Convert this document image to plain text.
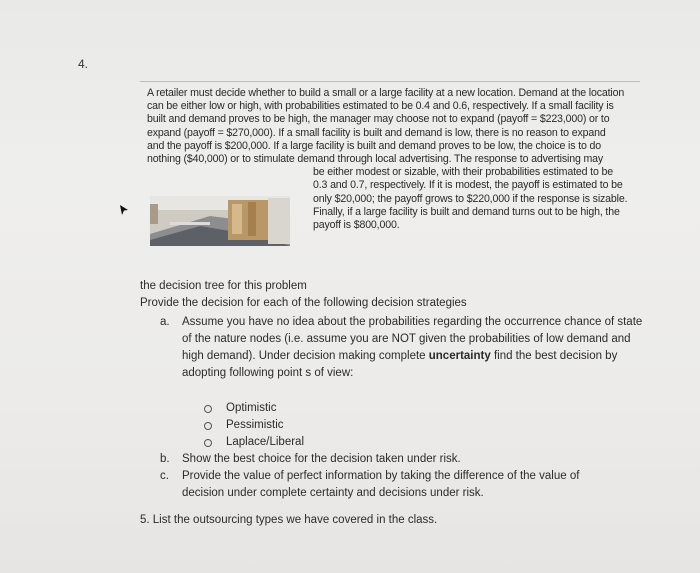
4.

A retailer must decide whether to build a small or a large facility at a new location. Demand at the location

can be either low or high, with probabilities estimated to be 0.4 and 0.6, respectively. If a small facility is

built and demand proves to be high, the manager may choose not to expand (payoff = $223,000) or to

expand (payoff = $270,000). If a small facility is built and demand is low, there is no reason to expand

and the payoff is $200,000. If a large facility is built and demand proves to be low, the choice is to do

nothing ($40,000) or to stimulate demand through local advertising. The response to advertising may

be either modest or sizable, with their probabilities estimated to be

0.3 and 0.7, respectively. If it is modest, the payoff is estimated to be

only $20,000; the payoff grows to $220,000 if the response is sizable.

Finally, if a large facility is built and demand turns out to be high, the

payoff is $800,000.

the decision tree for this problem

Provide the decision for each of the following decision strategies

a. Assume you have no idea about the probabilities regarding the occurrence chance of state of the nature nodes (i.e. assume you are NOT given the probabilities of low demand and high demand). Under decision making complete uncertainty find the best decision by adopting following point s of view:
Optimistic
Pessimistic
Laplace/Liberal
b. Show the best choice for the decision taken under risk.
c. Provide the value of perfect information by taking the difference of the value of decision under complete certainty and decisions under risk.

5. List the outsourcing types we have covered in the class.
